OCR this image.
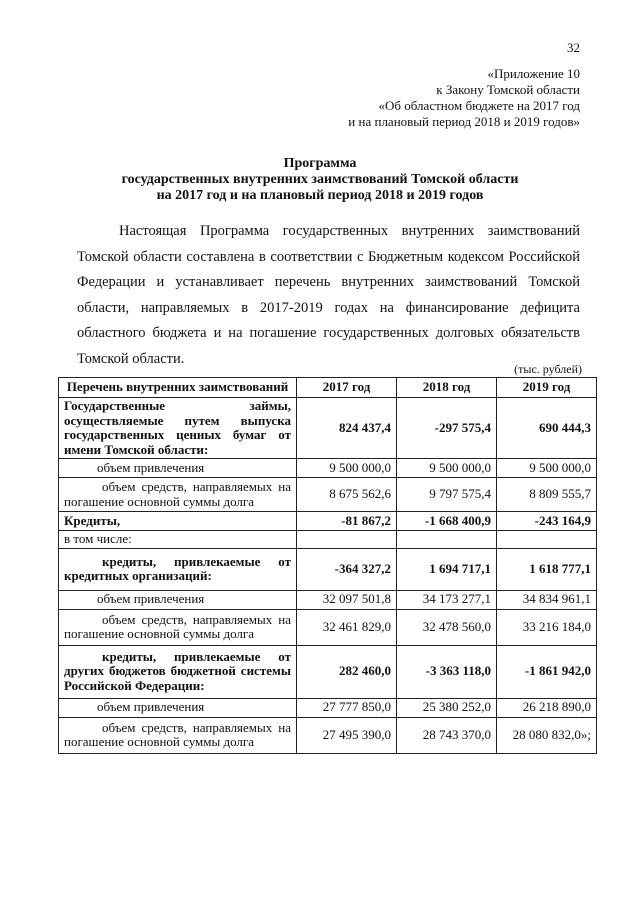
32
«Приложение 10
к Закону Томской области
«Об областном бюджете на 2017 год
и на плановый период 2018 и 2019 годов»
Программа
государственных внутренних заимствований Томской области
на 2017 год и на плановый период 2018 и 2019 годов

Настоящая Программа государственных внутренних заимствований Томской области составлена в соответствии с Бюджетным кодексом Российской Федерации и устанавливает перечень внутренних заимствований Томской области, направляемых в 2017-2019 годах на финансирование дефицита областного бюджета и на погашение государственных долговых обязательств Томской области.

(тыс. рублей)
Перечень внутренних заимствований	2017 год	2018 год	2019 год
Государственные займы, осуществляемые путем выпуска государственных ценных бумаг от имени Томской области:	824 437,4	-297 575,4	690 444,3
объем привлечения	9 500 000,0	9 500 000,0	9 500 000,0
объем средств, направляемых на погашение основной суммы долга	8 675 562,6	9 797 575,4	8 809 555,7
Кредиты,	-81 867,2	-1 668 400,9	-243 164,9
в том числе:			
кредиты, привлекаемые от кредитных организаций:	-364 327,2	1 694 717,1	1 618 777,1
объем привлечения	32 097 501,8	34 173 277,1	34 834 961,1
объем средств, направляемых на погашение основной суммы долга	32 461 829,0	32 478 560,0	33 216 184,0
кредиты, привлекаемые от других бюджетов бюджетной системы Российской Федерации:	282 460,0	-3 363 118,0	-1 861 942,0
объем привлечения	27 777 850,0	25 380 252,0	26 218 890,0
объем средств, направляемых на погашение основной суммы долга	27 495 390,0	28 743 370,0	28 080 832,0»;
